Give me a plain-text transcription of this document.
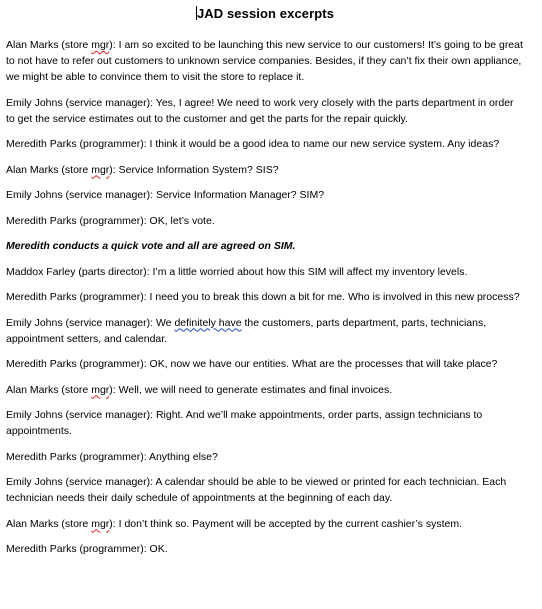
JAD session excerpts

Alan Marks (store mgr): I am so excited to be launching this new service to our customers! It’s going to be great to not have to refer out customers to unknown service companies. Besides, if they can’t fix their own appliance, we might be able to convince them to visit the store to replace it.

Emily Johns (service manager): Yes, I agree! We need to work very closely with the parts department in order to get the service estimates out to the customer and get the parts for the repair quickly.

Meredith Parks (programmer): I think it would be a good idea to name our new service system. Any ideas?

Alan Marks (store mgr): Service Information System? SIS?

Emily Johns (service manager): Service Information Manager? SIM?

Meredith Parks (programmer): OK, let’s vote.

Meredith conducts a quick vote and all are agreed on SIM.

Maddox Farley (parts director): I’m a little worried about how this SIM will affect my inventory levels.

Meredith Parks (programmer): I need you to break this down a bit for me. Who is involved in this new process?

Emily Johns (service manager): We definitely have the customers, parts department, parts, technicians, appointment setters, and calendar.

Meredith Parks (programmer): OK, now we have our entities. What are the processes that will take place?

Alan Marks (store mgr): Well, we will need to generate estimates and final invoices.

Emily Johns (service manager): Right. And we’ll make appointments, order parts, assign technicians to appointments.

Meredith Parks (programmer): Anything else?

Emily Johns (service manager): A calendar should be able to be viewed or printed for each technician. Each technician needs their daily schedule of appointments at the beginning of each day.

Alan Marks (store mgr): I don’t think so. Payment will be accepted by the current cashier’s system.

Meredith Parks (programmer): OK.
